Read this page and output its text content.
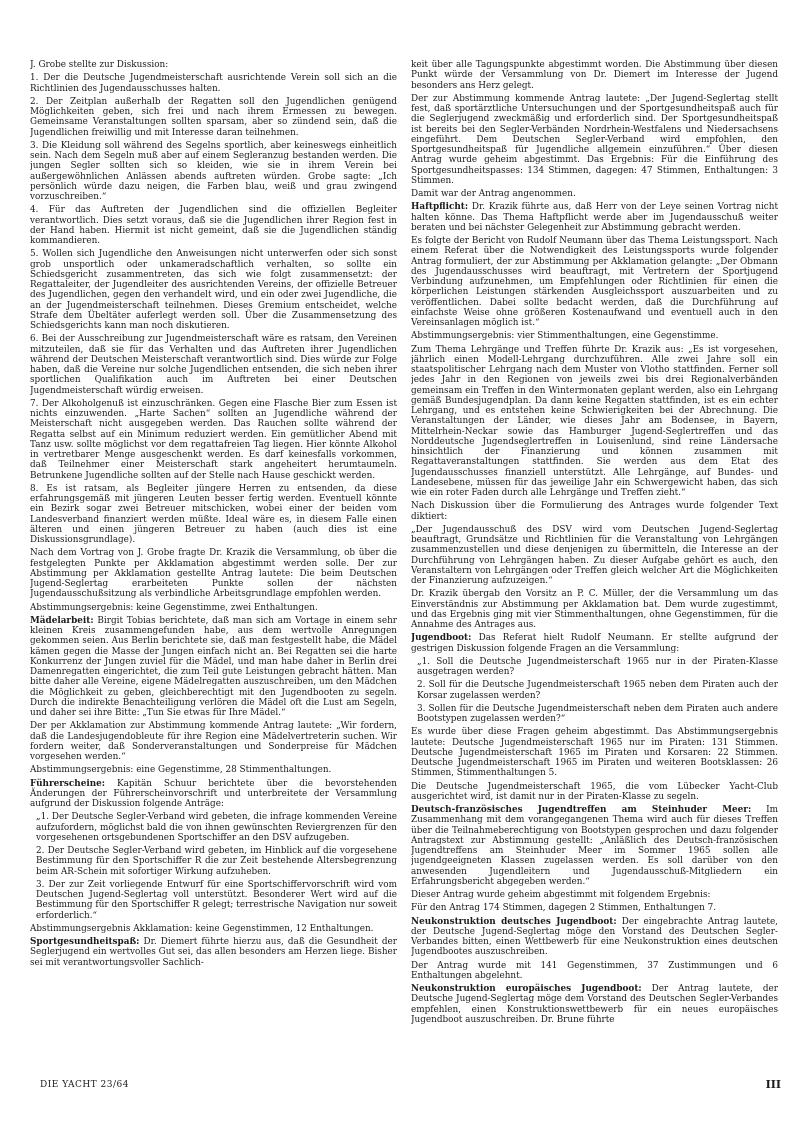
J. Grobe stellte zur Diskussion:

1. Der die Deutsche Jugendmeisterschaft ausrichtende Verein soll sich an die Richtlinien des Jugendausschusses halten.

2. Der Zeitplan außerhalb der Regatten soll den Jugendlichen genügend Möglichkeiten geben, sich frei und nach ihrem Ermessen zu bewegen. Gemeinsame Veranstaltungen sollten sparsam, aber so zündend sein, daß die Jugendlichen freiwillig und mit Interesse daran teilnehmen.

3. Die Kleidung soll während des Segelns sportlich, aber keineswegs einheitlich sein. Nach dem Segeln muß aber auf einem Segleranzug bestanden werden. Die jungen Segler sollten sich so kleiden, wie sie in ihrem Verein bei außergewöhnlichen Anlässen abends auftreten würden. Grobe sagte: „Ich persönlich würde dazu neigen, die Farben blau, weiß und grau zwingend vorzuschreiben.“

4. Für das Auftreten der Jugendlichen sind die offiziellen Begleiter verantwortlich. Dies setzt voraus, daß sie die Jugendlichen ihrer Region fest in der Hand haben. Hiermit ist nicht gemeint, daß sie die Jugendlichen ständig kommandieren.

5. Wollen sich Jugendliche den Anweisungen nicht unterwerfen oder sich sonst grob unsportlich oder unkameradschaftlich verhalten, so sollte ein Schiedsgericht zusammentreten, das sich wie folgt zusammensetzt: der Regattaleiter, der Jugendleiter des ausrichtenden Vereins, der offizielle Betreuer des Jugendlichen, gegen den verhandelt wird, und ein oder zwei Jugendliche, die an der Jugendmeisterschaft teilnehmen. Dieses Gremium entscheidet, welche Strafe dem Übeltäter auferlegt werden soll. Über die Zusammensetzung des Schiedsgerichts kann man noch diskutieren.

6. Bei der Ausschreibung zur Jugendmeisterschaft wäre es ratsam, den Vereinen mitzuteilen, daß sie für das Verhalten und das Auftreten ihrer Jugendlichen während der Deutschen Meisterschaft verantwortlich sind. Dies würde zur Folge haben, daß die Vereine nur solche Jugendlichen entsenden, die sich neben ihrer sportlichen Qualifikation auch im Auftreten bei einer Deutschen Jugendmeisterschaft würdig erweisen.

7. Der Alkoholgenuß ist einzuschränken. Gegen eine Flasche Bier zum Essen ist nichts einzuwenden. „Harte Sachen“ sollten an Jugendliche während der Meisterschaft nicht ausgegeben werden. Das Rauchen sollte während der Regatta selbst auf ein Minimum reduziert werden. Ein gemütlicher Abend mit Tanz usw. sollte möglichst vor dem regattafreien Tag liegen. Hier könnte Alkohol in vertretbarer Menge ausgeschenkt werden. Es darf keinesfalls vorkommen, daß Teilnehmer einer Meisterschaft stark angeheitert herumtaumeln. Betrunkene Jugendliche sollten auf der Stelle nach Hause geschickt werden.

8. Es ist ratsam, als Begleiter jüngere Herren zu entsenden, da diese erfahrungsgemäß mit jüngeren Leuten besser fertig werden. Eventuell könnte ein Bezirk sogar zwei Betreuer mitschicken, wobei einer der beiden vom Landesverband finanziert werden müßte. Ideal wäre es, in diesem Falle einen älteren und einen jüngeren Betreuer zu haben (auch dies ist eine Diskussionsgrundlage).

Nach dem Vortrag von J. Grobe fragte Dr. Krazik die Versammlung, ob über die festgelegten Punkte per Akklamation abgestimmt werden solle. Der zur Abstimmung per Akklamation gestellte Antrag lautete: Die beim Deutschen Jugend-Seglertag erarbeiteten Punkte sollen der nächsten Jugendausschußsitzung als verbindliche Arbeitsgrundlage empfohlen werden.

Abstimmungsergebnis: keine Gegenstimme, zwei Enthaltungen.

Mädelarbeit: Birgit Tobias berichtete, daß man sich am Vortage in einem sehr kleinen Kreis zusammengefunden habe, aus dem wertvolle Anregungen gekommen seien. Aus Berlin berichtete sie, daß man festgestellt habe, die Mädel kämen gegen die Masse der Jungen einfach nicht an. Bei Regatten sei die harte Konkurrenz der Jungen zuviel für die Mädel, und man habe daher in Berlin drei Damenregatten eingerichtet, die zum Teil gute Leistungen gebracht hätten. Man bitte daher alle Vereine, eigene Mädelregatten auszuschreiben, um den Mädchen die Möglichkeit zu geben, gleichberechtigt mit den Jugendbooten zu segeln. Durch die indirekte Benachteiligung verlören die Mädel oft die Lust am Segeln, und daher sei ihre Bitte: „Tun Sie etwas für Ihre Mädel.“

Der per Akklamation zur Abstimmung kommende Antrag lautete: „Wir fordern, daß die Landesjugendobleute für ihre Region eine Mädelvertreterin suchen. Wir fordern weiter, daß Sonderveranstaltungen und Sonderpreise für Mädchen vorgesehen werden.“

Abstimmungsergebnis: eine Gegenstimme, 28 Stimmenthaltungen.

Führerscheine: Kapitän Schuur berichtete über die bevorstehenden Änderungen der Führerscheinvorschrift und unterbreitete der Versammlung aufgrund der Diskussion folgende Anträge:

„1. Der Deutsche Segler-Verband wird gebeten, die infrage kommenden Vereine aufzufordern, möglichst bald die von ihnen gewünschten Reviergrenzen für den vorgesehenen ortsgebundenen Sportschiffer an den DSV aufzugeben.

2. Der Deutsche Segler-Verband wird gebeten, im Hinblick auf die vorgesehene Bestimmung für den Sportschiffer R die zur Zeit bestehende Altersbegrenzung beim AR-Schein mit sofortiger Wirkung aufzuheben.

3. Der zur Zeit vorliegende Entwurf für eine Sportschiffervorschrift wird vom Deutschen Jugend-Seglertag voll unterstützt. Besonderer Wert wird auf die Bestimmung für den Sportschiffer R gelegt; terrestrische Navigation nur soweit erforderlich.“

Abstimmungsergebnis Akklamation: keine Gegenstimmen, 12 Enthaltungen.

Sportgesundheitspaß: Dr. Diemert führte hierzu aus, daß die Gesundheit der Seglerjugend ein wertvolles Gut sei, das allen besonders am Herzen liege. Bisher sei mit verantwortungsvoller Sachlich-

keit über alle Tagungspunkte abgestimmt worden. Die Abstimmung über diesen Punkt würde der Versammlung von Dr. Diemert im Interesse der Jugend besonders ans Herz gelegt.

Der zur Abstimmung kommende Antrag lautete: „Der Jugend-Seglertag stellt fest, daß sportärztliche Untersuchungen und der Sportgesundheitspaß auch für die Seglerjugend zweckmäßig und erforderlich sind. Der Sportgesundheitspaß ist bereits bei den Segler-Verbänden Nordrhein-Westfalens und Niedersachsens eingeführt. Dem Deutschen Segler-Verband wird empfohlen, den Sportgesundheitspaß für Jugendliche allgemein einzuführen.“ Über diesen Antrag wurde geheim abgestimmt. Das Ergebnis: Für die Einführung des Sportgesundheitspasses: 134 Stimmen, dagegen: 47 Stimmen, Enthaltungen: 3 Stimmen.

Damit war der Antrag angenommen.

Haftpflicht: Dr. Krazik führte aus, daß Herr von der Leye seinen Vortrag nicht halten könne. Das Thema Haftpflicht werde aber im Jugendausschuß weiter beraten und bei nächster Gelegenheit zur Abstimmung gebracht werden.

Es folgte der Bericht von Rudolf Neumann über das Thema Leistungssport. Nach einem Referat über die Notwendigkeit des Leistungssports wurde folgender Antrag formuliert, der zur Abstimmung per Akklamation gelangte: „Der Obmann des Jugendausschusses wird beauftragt, mit Vertretern der Sportjugend Verbindung aufzunehmen, um Empfehlungen oder Richtlinien für einen die körperlichen Leistungen stärkenden Ausgleichssport auszuarbeiten und zu veröffentlichen. Dabei sollte bedacht werden, daß die Durchführung auf einfachste Weise ohne größeren Kostenaufwand und eventuell auch in den Vereinsanlagen möglich ist.“

Abstimmungsergebnis: vier Stimmenthaltungen, eine Gegenstimme.

Zum Thema Lehrgänge und Treffen führte Dr. Krazik aus: „Es ist vorgesehen, jährlich einen Modell-Lehrgang durchzuführen. Alle zwei Jahre soll ein staatspolitischer Lehrgang nach dem Muster von Vlotho stattfinden. Ferner soll jedes Jahr in den Regionen von jeweils zwei bis drei Regionalverbänden gemeinsam ein Treffen in den Wintermonaten geplant werden, also ein Lehrgang gemäß Bundesjugendplan. Da dann keine Regatten stattfinden, ist es ein echter Lehrgang, und es entstehen keine Schwierigkeiten bei der Abrechnung. Die Veranstaltungen der Länder, wie dieses Jahr am Bodensee, in Bayern, Mittelrhein-Neckar sowie das Hamburger Jugend-Seglertreffen und das Norddeutsche Jugendseglertreffen in Louisenlund, sind reine Ländersache hinsichtlich der Finanzierung und können zusammen mit Regattaveranstaltungen stattfinden. Sie werden aus dem Etat des Jugendausschusses finanziell unterstützt. Alle Lehrgänge, auf Bundes- und Landesebene, müssen für das jeweilige Jahr ein Schwergewicht haben, das sich wie ein roter Faden durch alle Lehrgänge und Treffen zieht.“

Nach Diskussion über die Formulierung des Antrages wurde folgender Text diktiert:

„Der Jugendausschuß des DSV wird vom Deutschen Jugend-Seglertag beauftragt, Grundsätze und Richtlinien für die Veranstaltung von Lehrgängen zusammenzustellen und diese denjenigen zu übermitteln, die Interesse an der Durchführung von Lehrgängen haben. Zu dieser Aufgabe gehört es auch, den Veranstaltern von Lehrgängen oder Treffen gleich welcher Art die Möglichkeiten der Finanzierung aufzuzeigen.“

Dr. Krazik übergab den Vorsitz an P. C. Müller, der die Versammlung um das Einverständnis zur Abstimmung per Akklamation bat. Dem wurde zugestimmt, und das Ergebnis ging mit vier Stimmenthaltungen, ohne Gegenstimmen, für die Annahme des Antrages aus.

Jugendboot: Das Referat hielt Rudolf Neumann. Er stellte aufgrund der gestrigen Diskussion folgende Fragen an die Versammlung:

„1. Soll die Deutsche Jugendmeisterschaft 1965 nur in der Piraten-Klasse ausgetragen werden?

2. Soll für die Deutsche Jugendmeisterschaft 1965 neben dem Piraten auch der Korsar zugelassen werden?

3. Sollen für die Deutsche Jugendmeisterschaft neben dem Piraten auch andere Bootstypen zugelassen werden?“

Es wurde über diese Fragen geheim abgestimmt. Das Abstimmungsergebnis lautete: Deutsche Jugendmeisterschaft 1965 nur im Piraten: 131 Stimmen. Deutsche Jugendmeisterschaft 1965 im Piraten und Korsaren: 22 Stimmen. Deutsche Jugendmeisterschaft 1965 im Piraten und weiteren Bootsklassen: 26 Stimmen, Stimmenthaltungen 5.

Die Deutsche Jugendmeisterschaft 1965, die vom Lübecker Yacht-Club ausgerichtet wird, ist damit nur in der Piraten-Klasse zu segeln.

Deutsch-französisches Jugendtreffen am Steinhuder Meer: Im Zusammenhang mit dem vorangegangenen Thema wird auch für dieses Treffen über die Teilnahmeberechtigung von Bootstypen gesprochen und dazu folgender Antragstext zur Abstimmung gestellt: „Anläßlich des Deutsch-französischen Jugendtreffens am Steinhuder Meer im Sommer 1965 sollen alle jugendgeeigneten Klassen zugelassen werden. Es soll darüber von den anwesenden Jugendleitern und Jugendausschuß-Mitgliedern ein Erfahrungsbericht abgegeben werden.“

Dieser Antrag wurde geheim abgestimmt mit folgendem Ergebnis:

Für den Antrag 174 Stimmen, dagegen 2 Stimmen, Enthaltungen 7.

Neukonstruktion deutsches Jugendboot: Der eingebrachte Antrag lautete, der Deutsche Jugend-Seglertag möge den Vorstand des Deutschen Segler-Verbandes bitten, einen Wettbewerb für eine Neukonstruktion eines deutschen Jugendbootes auszuschreiben.

Der Antrag wurde mit 141 Gegenstimmen, 37 Zustimmungen und 6 Enthaltungen abgelehnt.

Neukonstruktion europäisches Jugendboot: Der Antrag lautete, der Deutsche Jugend-Seglertag möge dem Vorstand des Deutschen Segler-Verbandes empfehlen, einen Konstruktionswettbewerb für ein neues europäisches Jugendboot auszuschreiben. Dr. Brune führte

DIE YACHT 23/64	III
